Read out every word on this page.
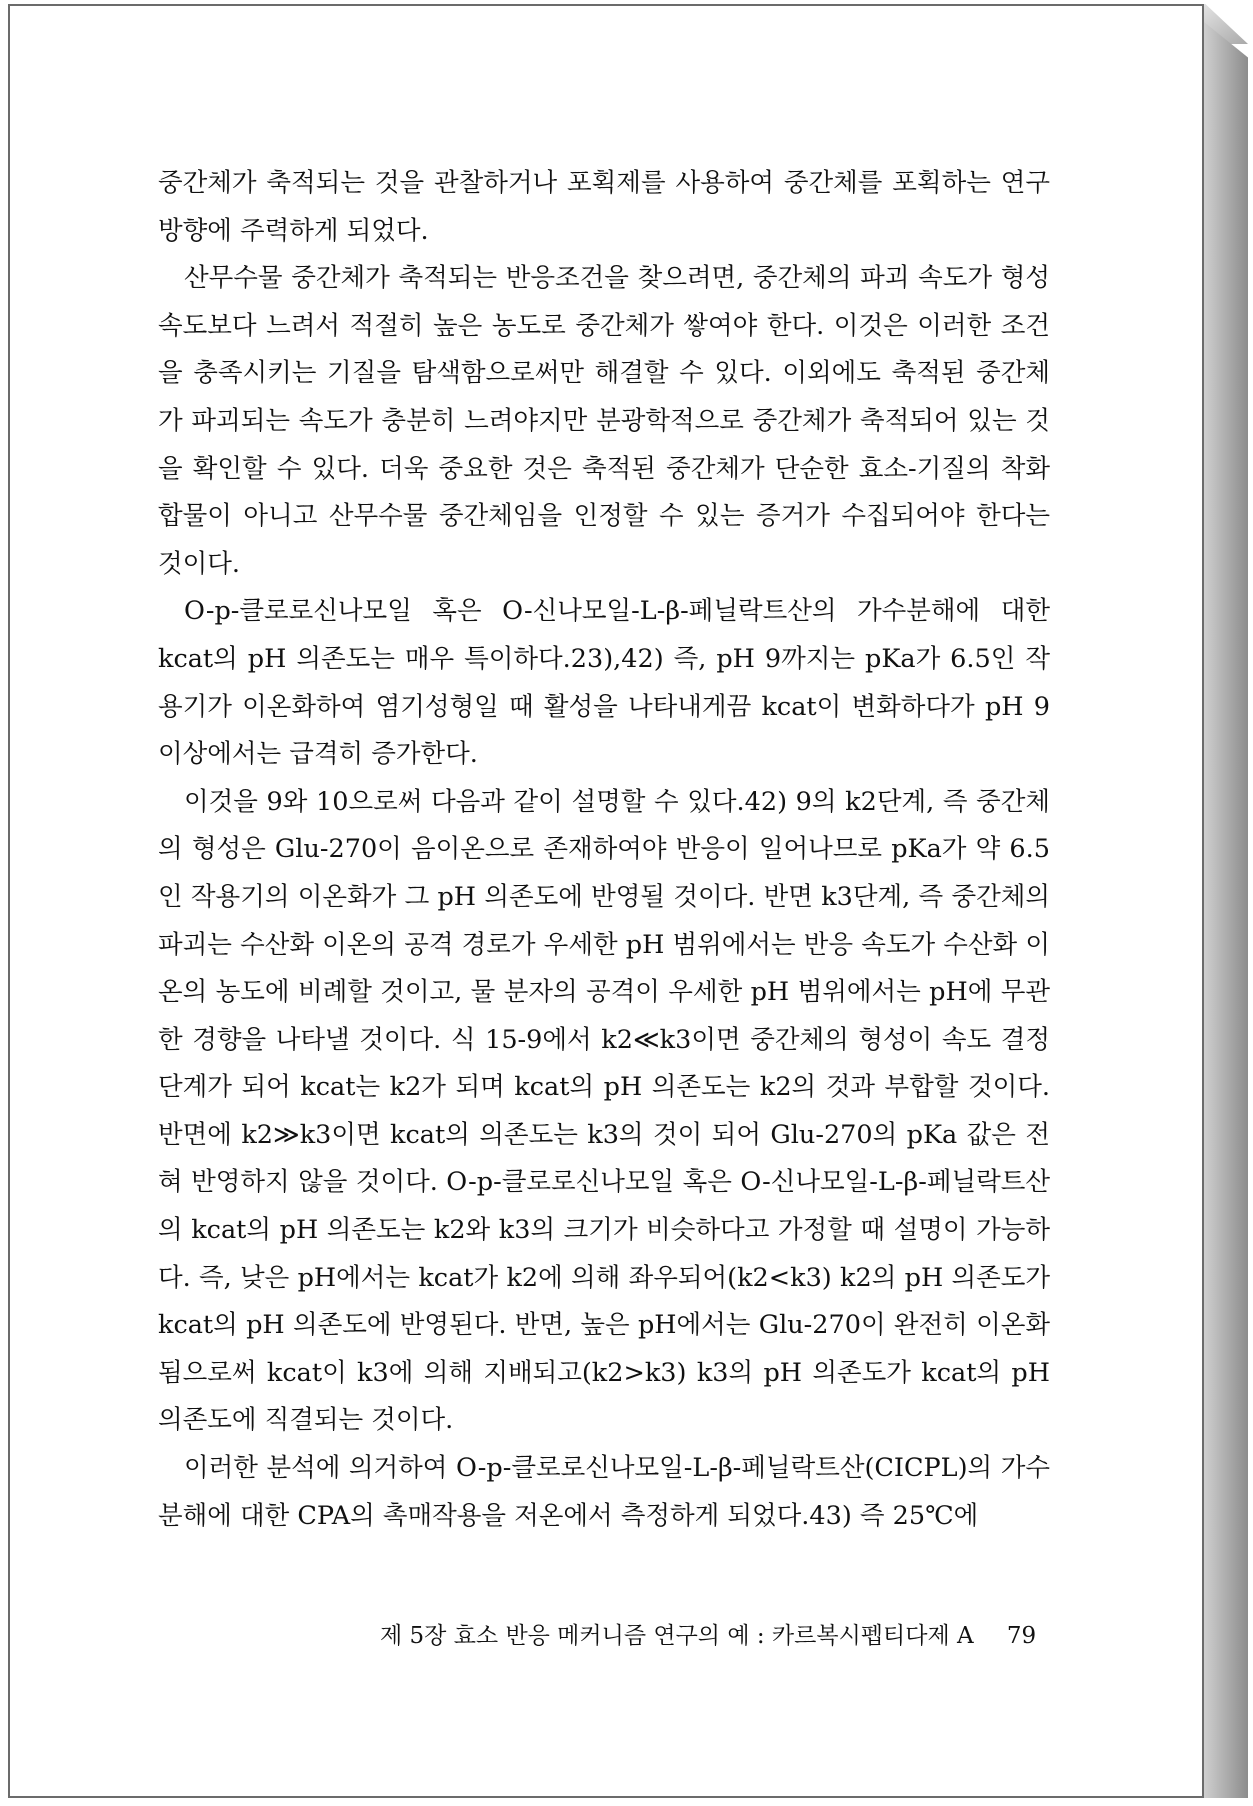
중간체가 축적되는 것을 관찰하거나 포획제를 사용하여 중간체를 포획하는 연구 방향에 주력하게 되었다.

산무수물 중간체가 축적되는 반응조건을 찾으려면, 중간체의 파괴 속도가 형성 속도보다 느려서 적절히 높은 농도로 중간체가 쌓여야 한다. 이것은 이러한 조건을 충족시키는 기질을 탐색함으로써만 해결할 수 있다. 이외에도 축적된 중간체가 파괴되는 속도가 충분히 느려야지만 분광학적으로 중간체가 축적되어 있는 것을 확인할 수 있다. 더욱 중요한 것은 축적된 중간체가 단순한 효소-기질의 착화합물이 아니고 산무수물 중간체임을 인정할 수 있는 증거가 수집되어야 한다는 것이다.

O-p-클로로신나모일 혹은 O-신나모일-L-β-페닐락트산의 가수분해에 대한 kcat의 pH 의존도는 매우 특이하다.23),42) 즉, pH 9까지는 pKa가 6.5인 작용기가 이온화하여 염기성형일 때 활성을 나타내게끔 kcat이 변화하다가 pH 9 이상에서는 급격히 증가한다.

이것을 9와 10으로써 다음과 같이 설명할 수 있다.42) 9의 k2단계, 즉 중간체의 형성은 Glu-270이 음이온으로 존재하여야 반응이 일어나므로 pKa가 약 6.5인 작용기의 이온화가 그 pH 의존도에 반영될 것이다. 반면 k3단계, 즉 중간체의 파괴는 수산화 이온의 공격 경로가 우세한 pH 범위에서는 반응 속도가 수산화 이온의 농도에 비례할 것이고, 물 분자의 공격이 우세한 pH 범위에서는 pH에 무관한 경향을 나타낼 것이다. 식 15-9에서 k2≪k3이면 중간체의 형성이 속도 결정 단계가 되어 kcat는 k2가 되며 kcat의 pH 의존도는 k2의 것과 부합할 것이다. 반면에 k2≫k3이면 kcat의 의존도는 k3의 것이 되어 Glu-270의 pKa 값은 전혀 반영하지 않을 것이다. O-p-클로로신나모일 혹은 O-신나모일-L-β-페닐락트산의 kcat의 pH 의존도는 k2와 k3의 크기가 비슷하다고 가정할 때 설명이 가능하다. 즉, 낮은 pH에서는 kcat가 k2에 의해 좌우되어(k2<k3) k2의 pH 의존도가 kcat의 pH 의존도에 반영된다. 반면, 높은 pH에서는 Glu-270이 완전히 이온화됨으로써 kcat이 k3에 의해 지배되고(k2>k3) k3의 pH 의존도가 kcat의 pH 의존도에 직결되는 것이다.

이러한 분석에 의거하여 O-p-클로로신나모일-L-β-페닐락트산(CICPL)의 가수분해에 대한 CPA의 촉매작용을 저온에서 측정하게 되었다.43) 즉 25℃에

제 5장 효소 반응 메커니즘 연구의 예 : 카르복시펩티다제 A 79
